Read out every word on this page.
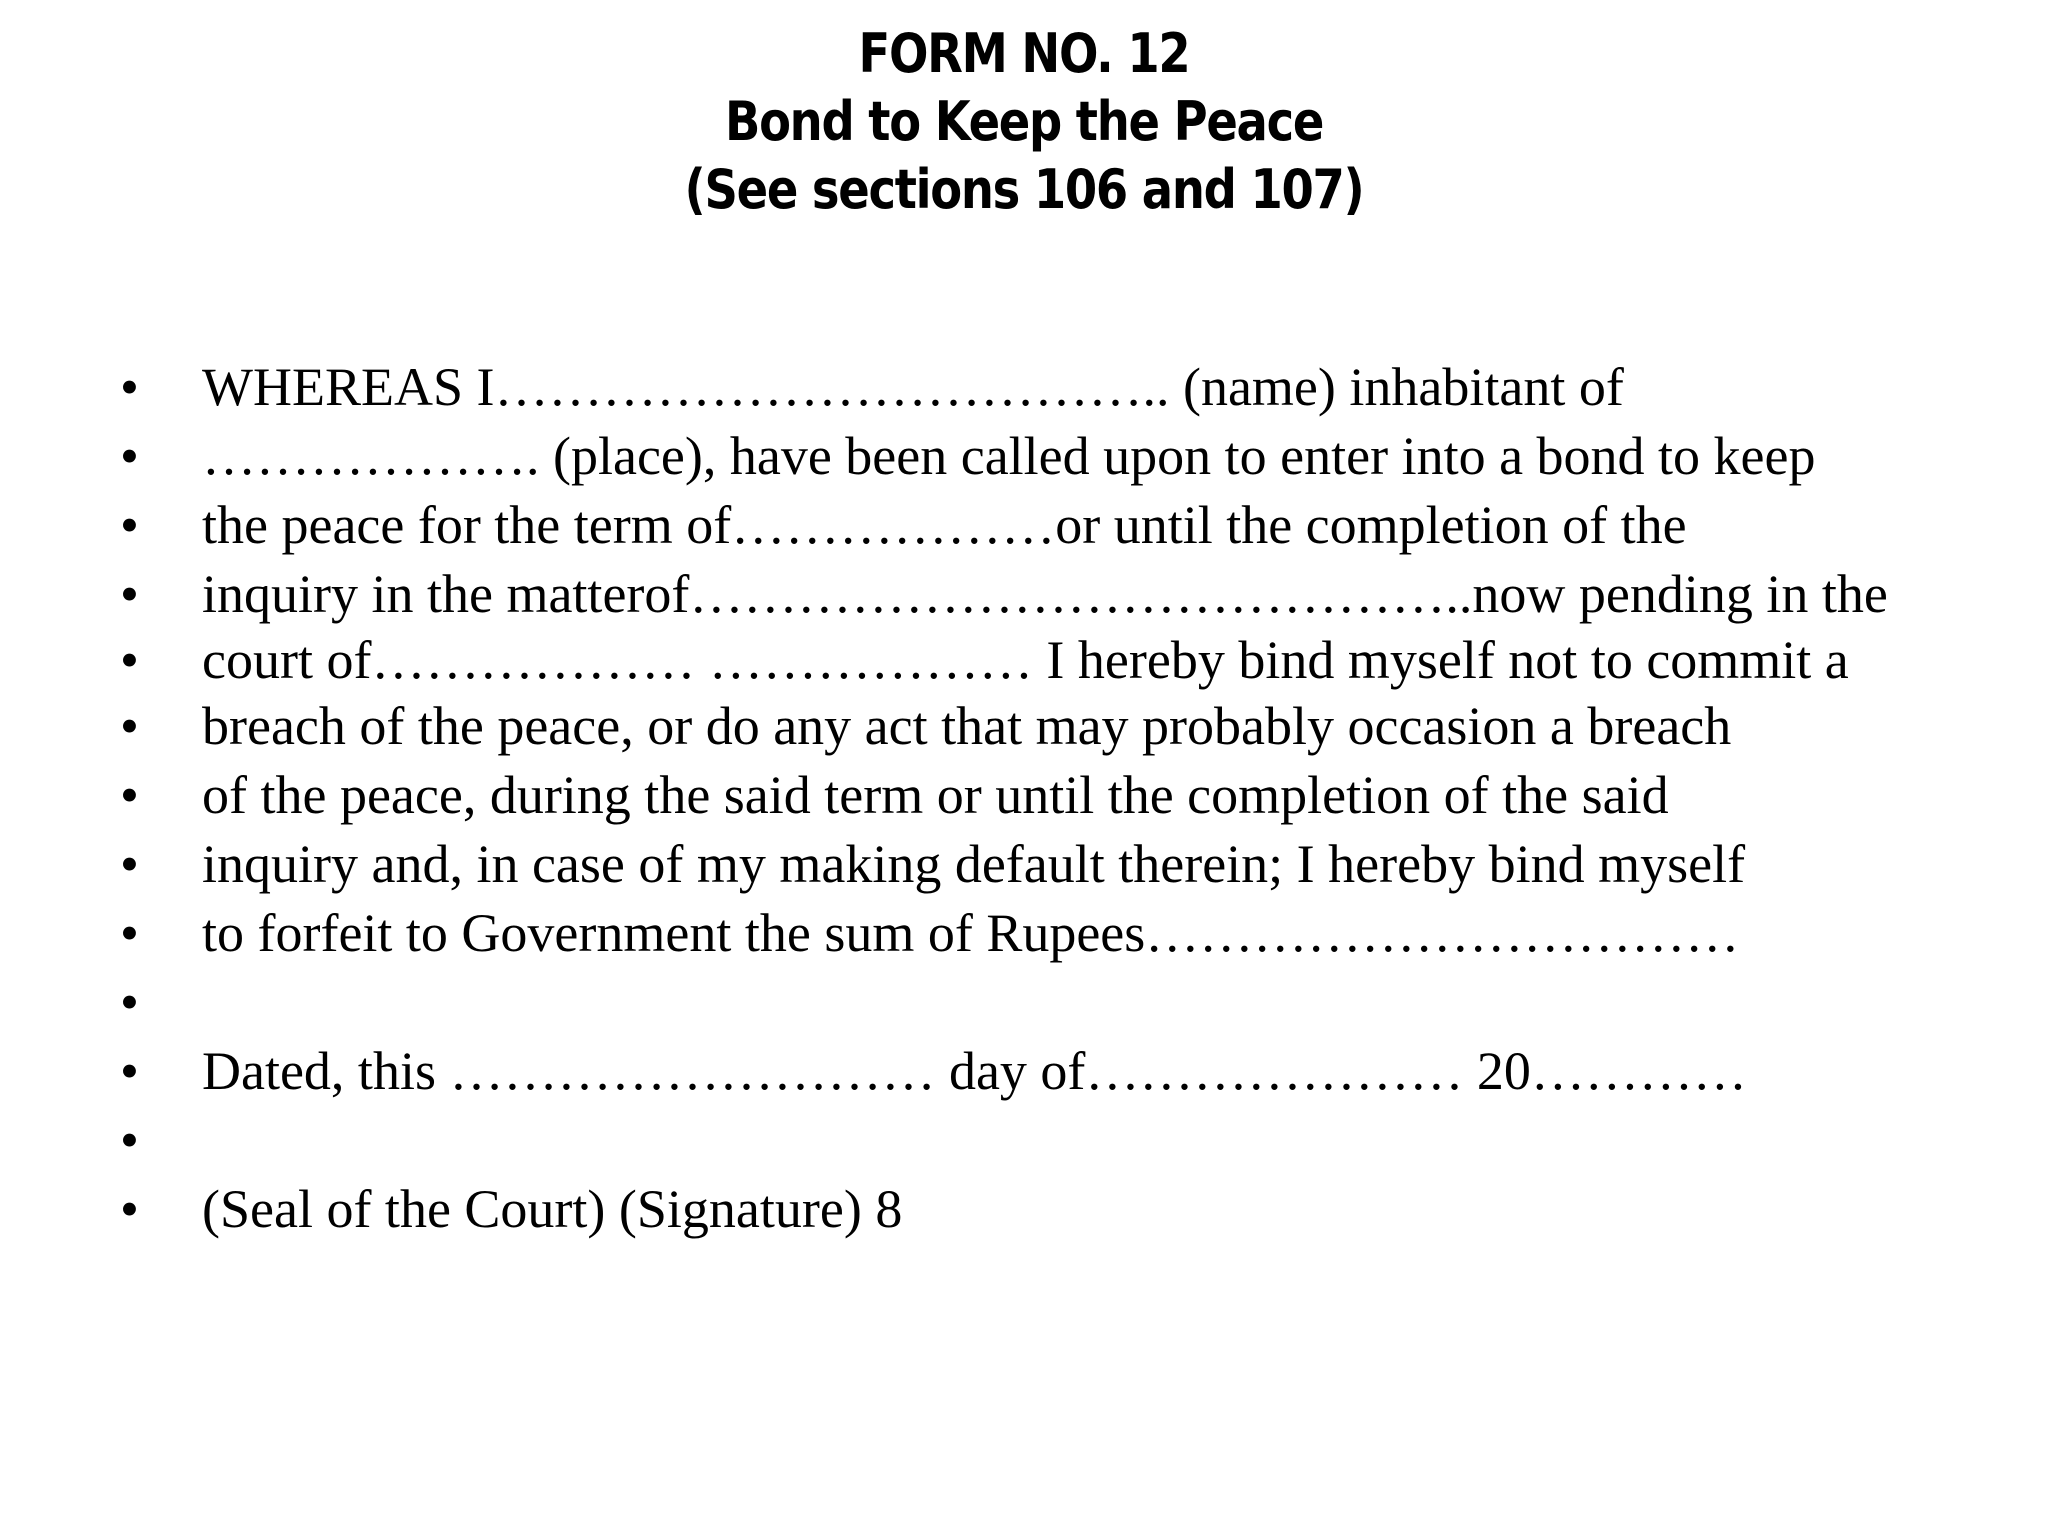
FORM NO. 12
Bond to Keep the Peace
(See sections 106 and 107)
• WHEREAS I……………………………….. (name) inhabitant of
• ………………. (place), have been called upon to enter into a bond to keep
• the peace for the term of………………or until the completion of the
• inquiry in the matterof……………………………………..now pending in the
• court of……………… ……………… I hereby bind myself not to commit a
• breach of the peace, or do any act that may probably occasion a breach
• of the peace, during the said term or until the completion of the said
• inquiry and, in case of my making default therein; I hereby bind myself
• to forfeit to Government the sum of Rupees……………………………
•
• Dated, this ……………………… day of………………… 20…………
•
• (Seal of the Court) (Signature) 8
